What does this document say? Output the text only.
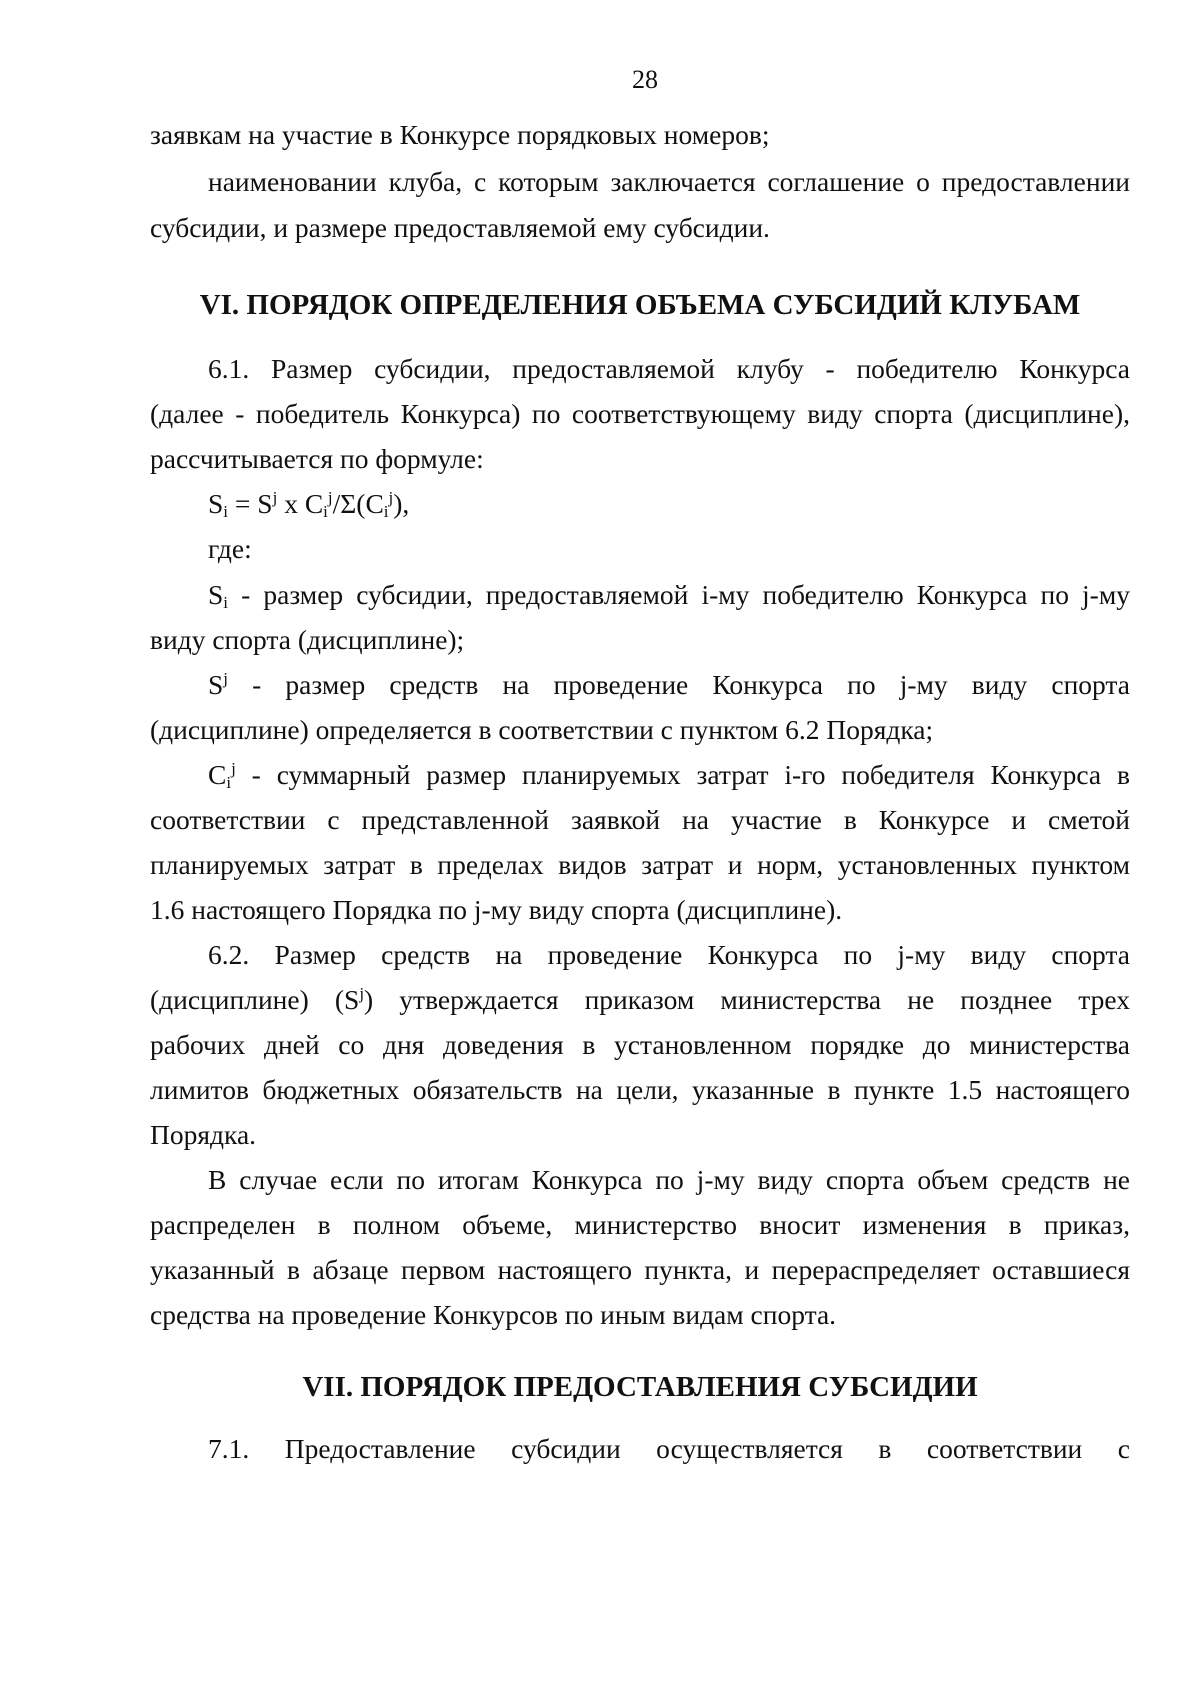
28
заявкам на участие в Конкурсе порядковых номеров;
наименовании клуба, с которым заключается соглашение о предоставлении
субсидии, и размере предоставляемой ему субсидии.
VI. ПОРЯДОК ОПРЕДЕЛЕНИЯ ОБЪЕМА СУБСИДИЙ КЛУБАМ
6.1. Размер субсидии, предоставляемой клубу - победителю Конкурса
(далее - победитель Конкурса) по соответствующему виду спорта (дисциплине),
рассчитывается по формуле:
$S_i = S^j$ x $C_i^j/\Sigma(C_i^j)$,
где:
$S_i$ - размер субсидии, предоставляемой i-му победителю Конкурса по j-му
виду спорта (дисциплине);
$S^j$ - размер средств на проведение Конкурса по j-му виду спорта
(дисциплине) определяется в соответствии с пунктом 6.2 Порядка;
$C_i^j$ - суммарный размер планируемых затрат i-го победителя Конкурса в
соответствии с представленной заявкой на участие в Конкурсе и сметой
планируемых затрат в пределах видов затрат и норм, установленных пунктом
1.6 настоящего Порядка по j-му виду спорта (дисциплине).
6.2. Размер средств на проведение Конкурса по j-му виду спорта
(дисциплине) $(S^j)$ утверждается приказом министерства не позднее трех
рабочих дней со дня доведения в установленном порядке до министерства
лимитов бюджетных обязательств на цели, указанные в пункте 1.5 настоящего
Порядка.
В случае если по итогам Конкурса по j-му виду спорта объем средств не
распределен в полном объеме, министерство вносит изменения в приказ,
указанный в абзаце первом настоящего пункта, и перераспределяет оставшиеся
средства на проведение Конкурсов по иным видам спорта.
VII. ПОРЯДОК ПРЕДОСТАВЛЕНИЯ СУБСИДИИ
7.1. Предоставление субсидии осуществляется в соответствии с
